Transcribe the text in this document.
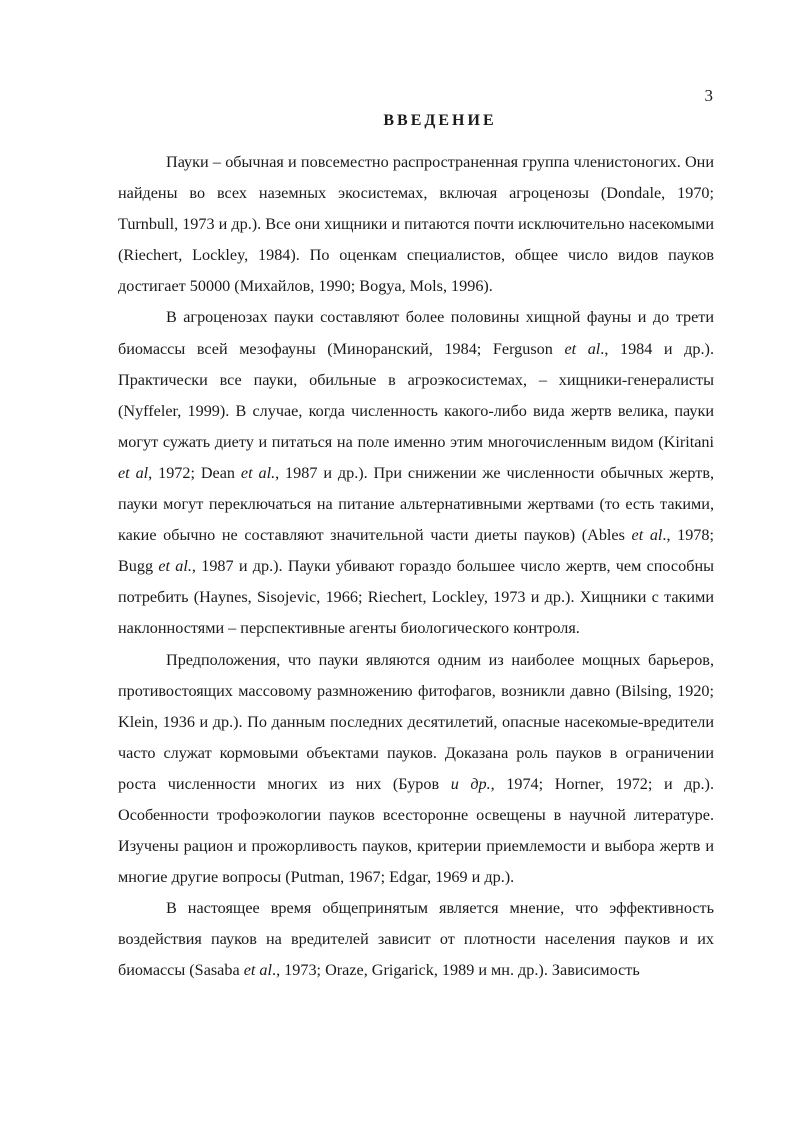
3
ВВЕДЕНИЕ

Пауки – обычная и повсеместно распространенная группа членистоногих. Они найдены во всех наземных экосистемах, включая агроценозы (Dondale, 1970; Turnbull, 1973 и др.). Все они хищники и питаются почти исключительно насекомыми (Riechert, Lockley, 1984). По оценкам специалистов, общее число видов пауков достигает 50000 (Михайлов, 1990; Bogya, Mols, 1996).

В агроценозах пауки составляют более половины хищной фауны и до трети биомассы всей мезофауны (Миноранский, 1984; Ferguson et al., 1984 и др.). Практически все пауки, обильные в агроэкосистемах, – хищники-генералисты (Nyffeler, 1999). В случае, когда численность какого-либо вида жертв велика, пауки могут сужать диету и питаться на поле именно этим многочисленным видом (Kiritani et al, 1972; Dean et al., 1987 и др.). При снижении же численности обычных жертв, пауки могут переключаться на питание альтернативными жертвами (то есть такими, какие обычно не составляют значительной части диеты пауков) (Ables et al., 1978; Bugg et al., 1987 и др.). Пауки убивают гораздо большее число жертв, чем способны потребить (Haynes, Sisojevic, 1966; Riechert, Lockley, 1973 и др.). Хищники с такими наклонностями – перспективные агенты биологического контроля.

Предположения, что пауки являются одним из наиболее мощных барьеров, противостоящих массовому размножению фитофагов, возникли давно (Bilsing, 1920; Klein, 1936 и др.). По данным последних десятилетий, опасные насекомые-вредители часто служат кормовыми объектами пауков. Доказана роль пауков в ограничении роста численности многих из них (Буров и др., 1974; Horner, 1972; и др.). Особенности трофоэкологии пауков всесторонне освещены в научной литературе. Изучены рацион и прожорливость пауков, критерии приемлемости и выбора жертв и многие другие вопросы (Putman, 1967; Edgar, 1969 и др.).

В настоящее время общепринятым является мнение, что эффективность воздействия пауков на вредителей зависит от плотности населения пауков и их биомассы (Sasaba et al., 1973; Oraze, Grigarick, 1989 и мн. др.). Зависимость
